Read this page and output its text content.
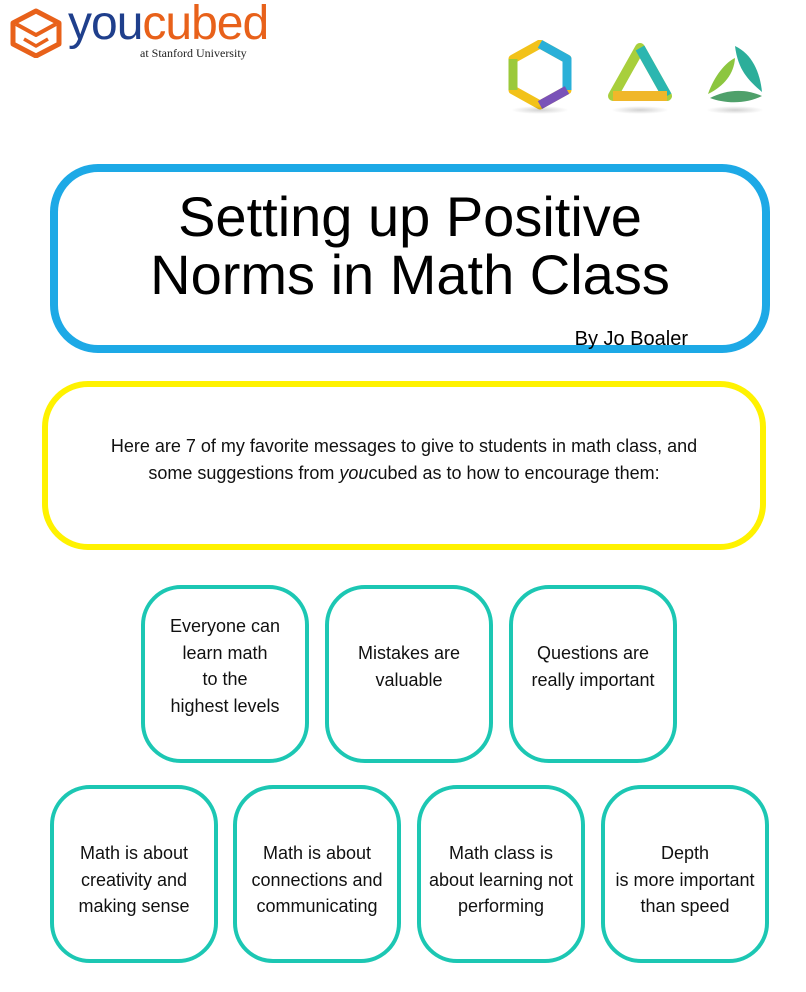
youcubed
at Stanford University
Setting up Positive
Norms in Math Class
By Jo Boaler
Here are 7 of my favorite messages to give to students in math class, and
some suggestions from youcubed as to how to encourage them:
Everyone can
learn math
to the
highest levels
Mistakes are
valuable
Questions are
really important
Math is about
creativity and
making sense
Math is about
connections and
communicating
Math class is
about learning not
performing
Depth
is more important
than speed
